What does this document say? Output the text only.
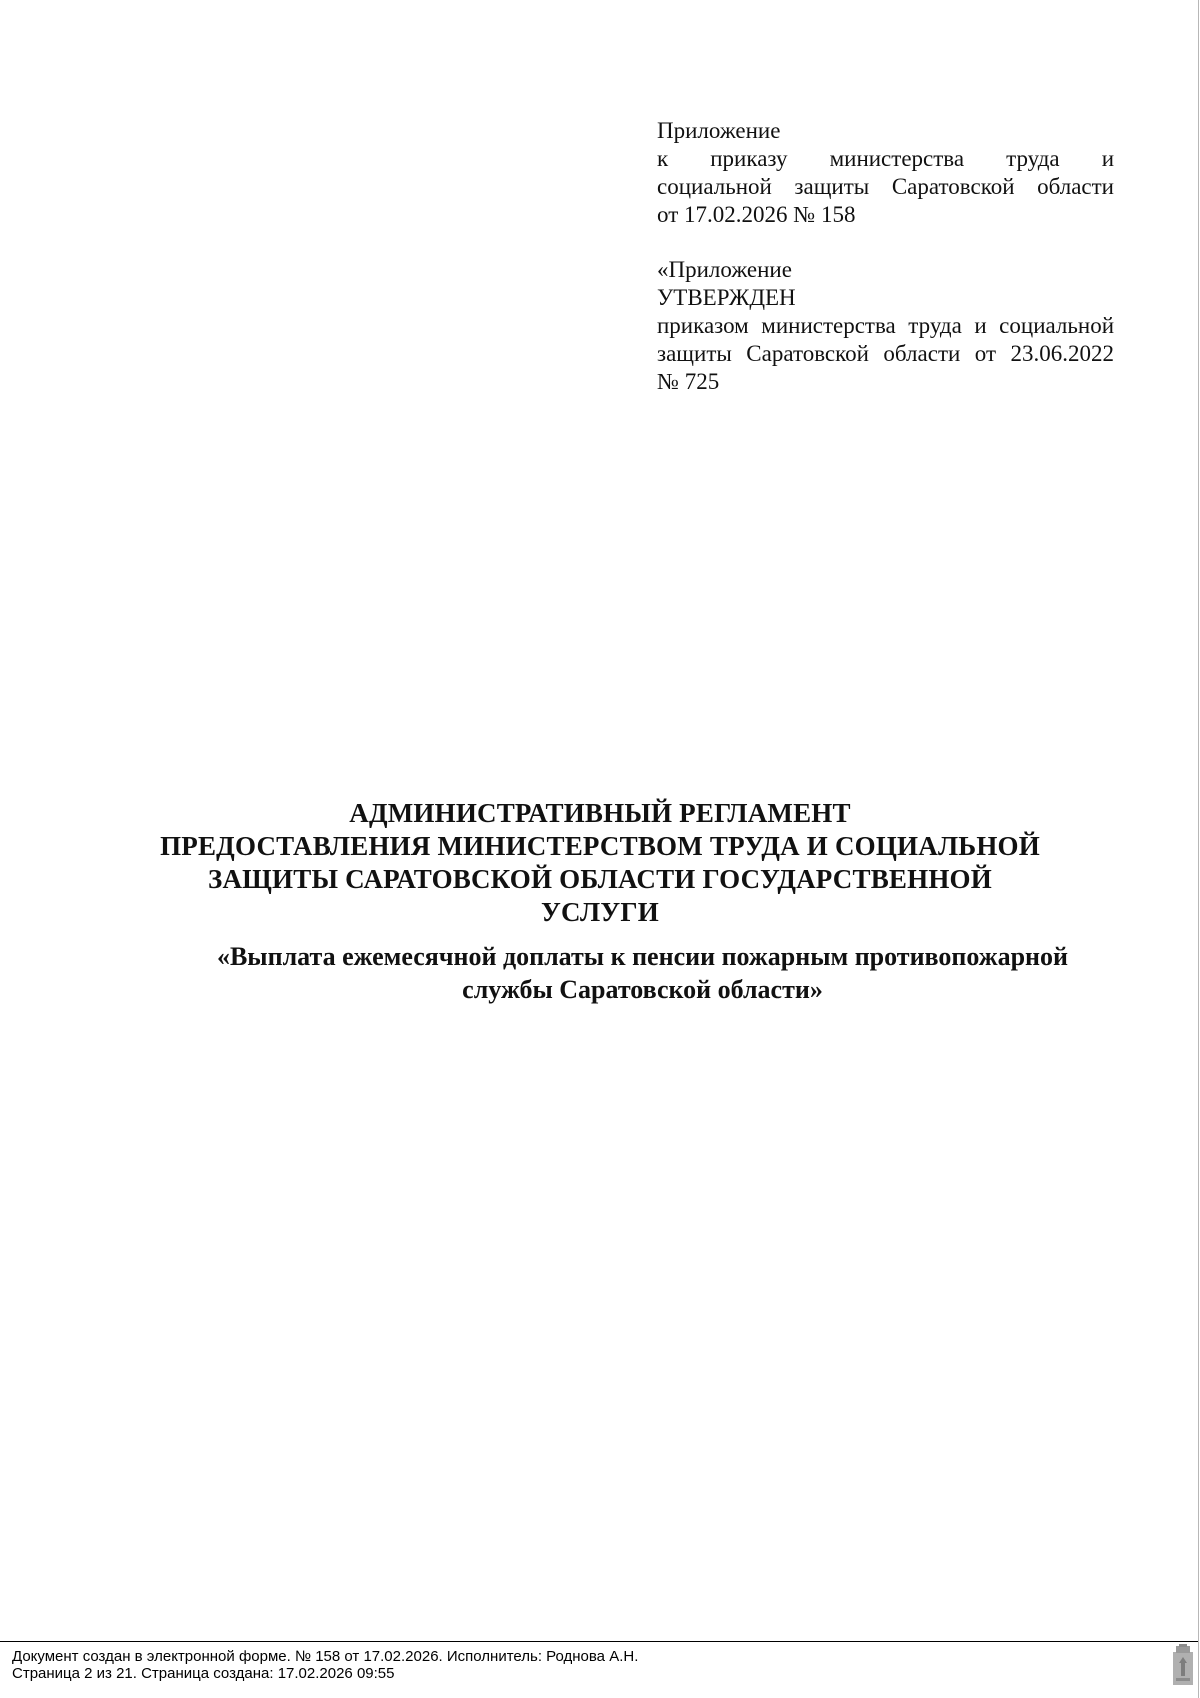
Приложение
к приказу министерства труда и
социальной защиты Саратовской области
от 17.02.2026 № 158
«Приложение
УТВЕРЖДЕН
приказом министерства труда и социальной
защиты Саратовской области от 23.06.2022
№ 725
АДМИНИСТРАТИВНЫЙ РЕГЛАМЕНТ
ПРЕДОСТАВЛЕНИЯ МИНИСТЕРСТВОМ ТРУДА И СОЦИАЛЬНОЙ
ЗАЩИТЫ САРАТОВСКОЙ ОБЛАСТИ ГОСУДАРСТВЕННОЙ
УСЛУГИ
«Выплата ежемесячной доплаты к пенсии пожарным противопожарной
службы Саратовской области»
Документ создан в электронной форме. № 158 от 17.02.2026. Исполнитель: Роднова А.Н.
Страница 2 из 21. Страница создана: 17.02.2026 09:55
